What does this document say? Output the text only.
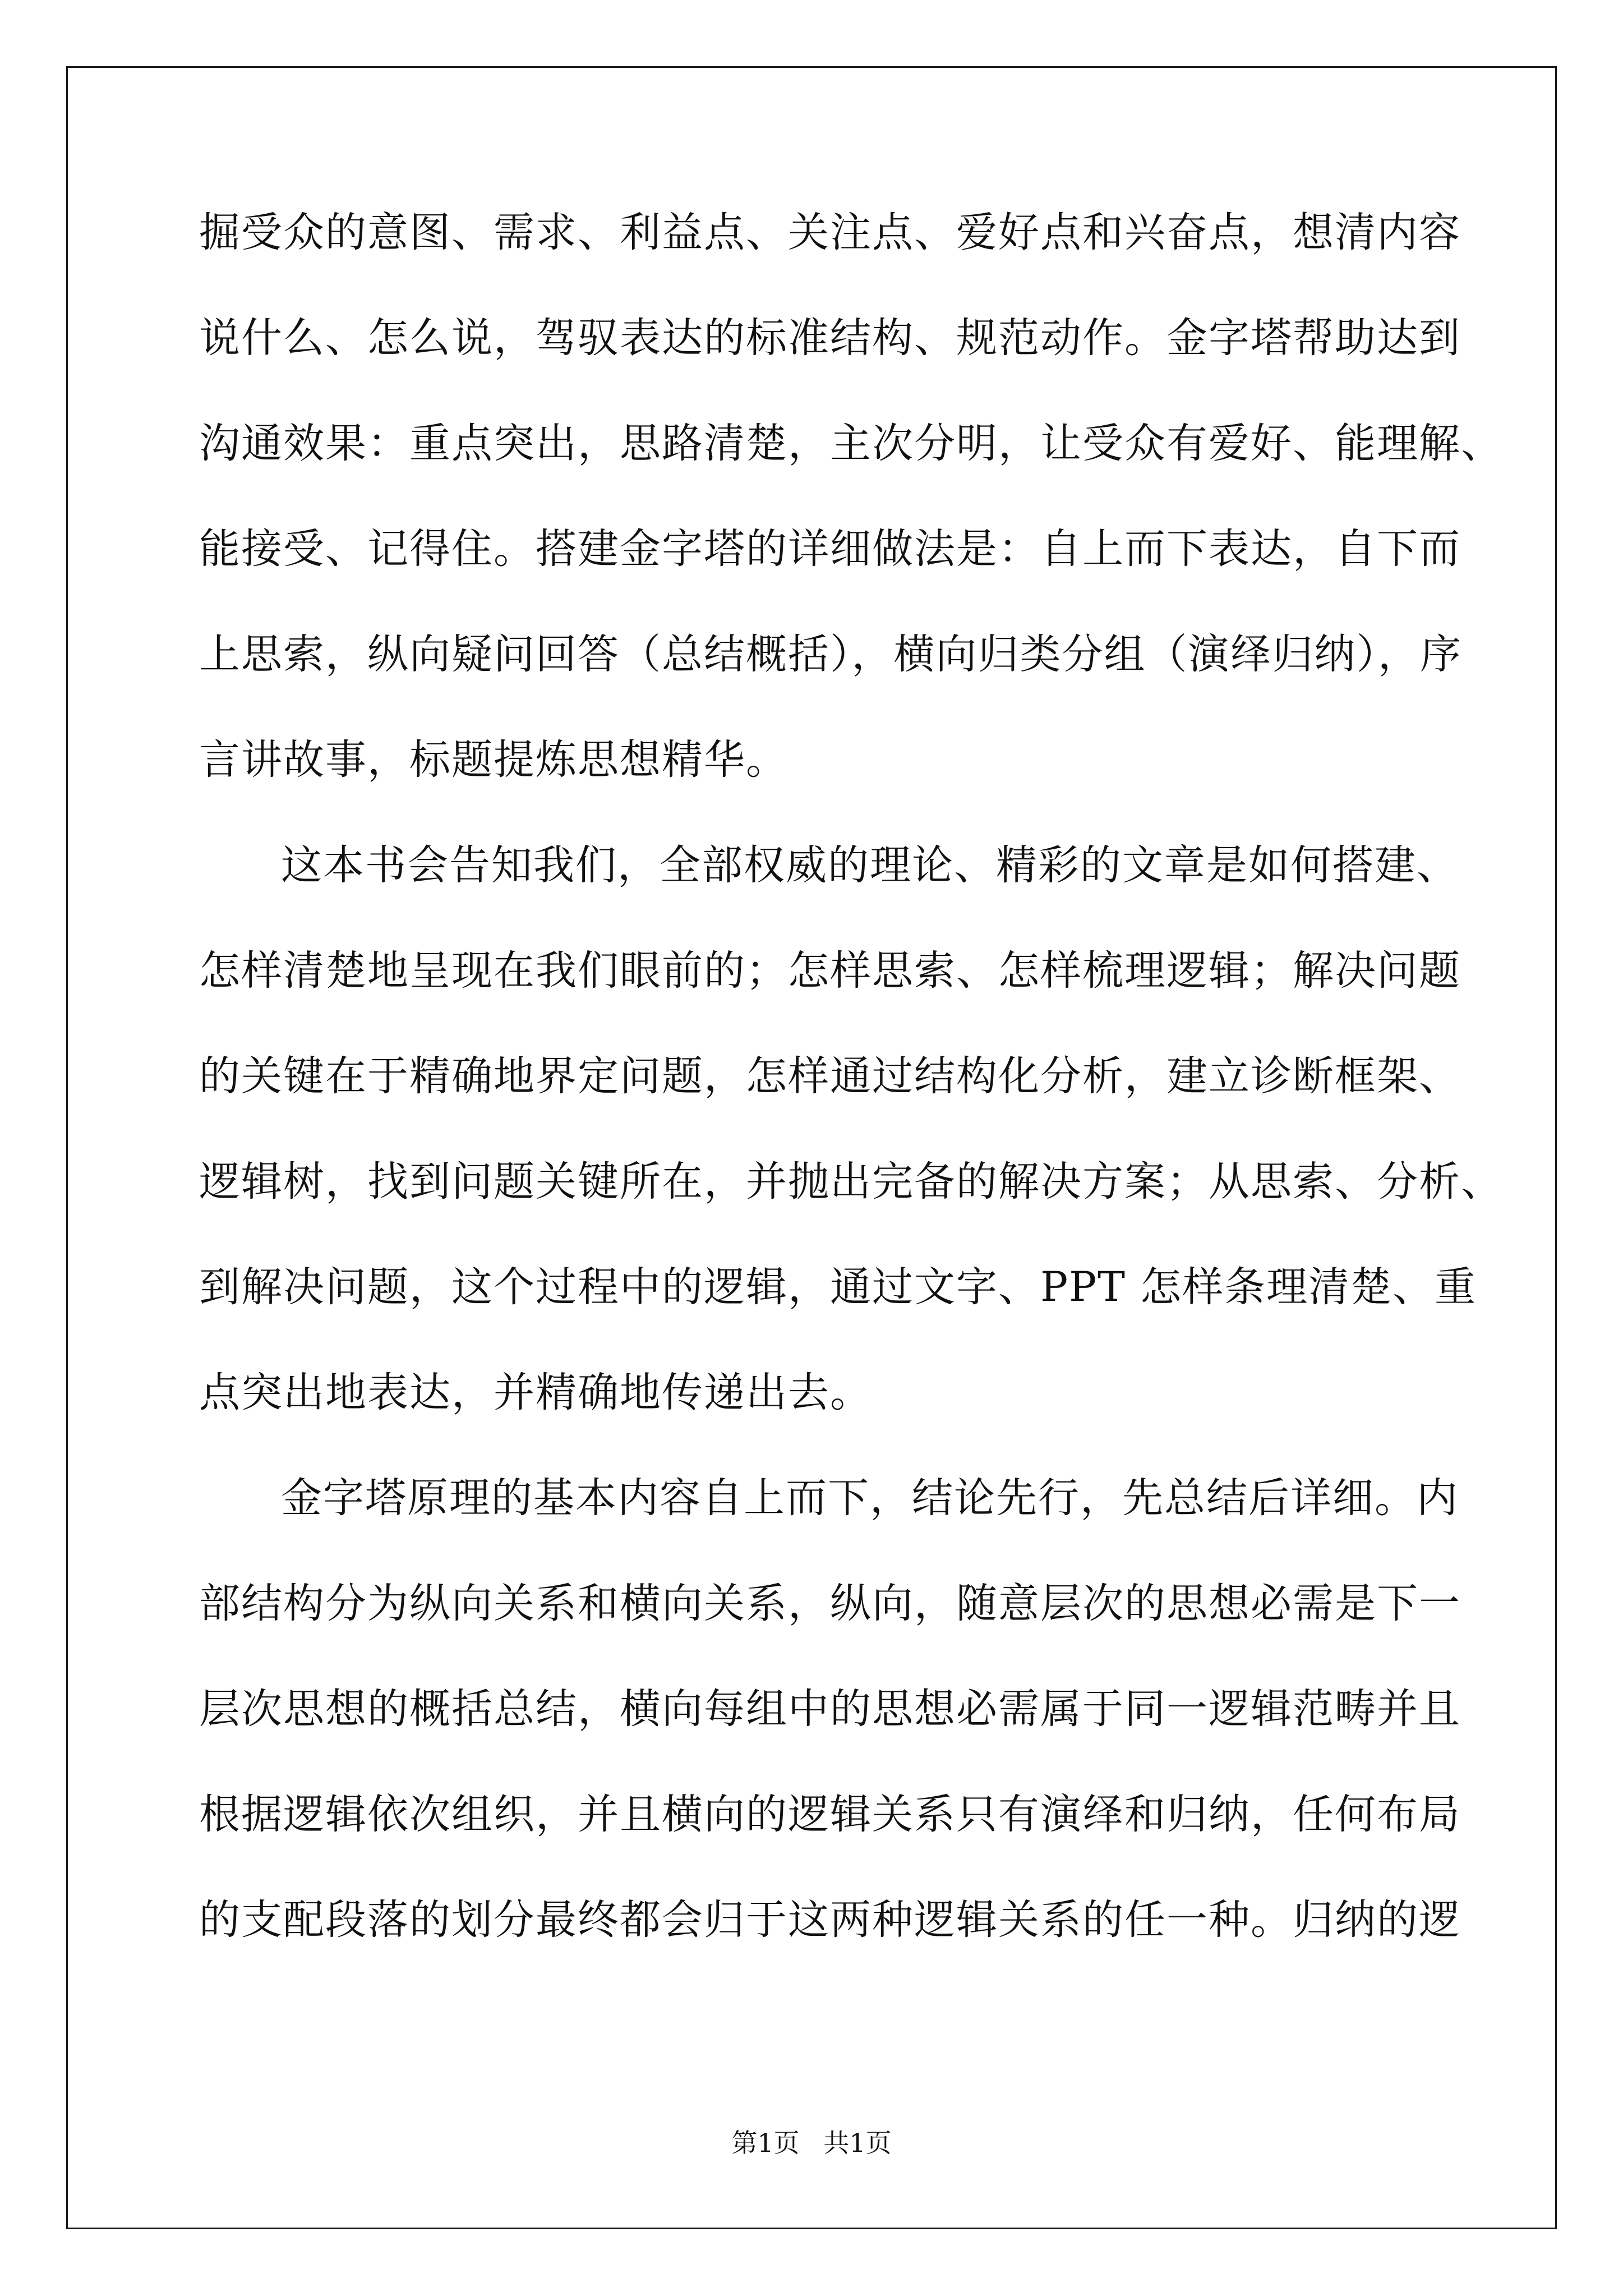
掘受众的意图、需求、利益点、关注点、爱好点和兴奋点，想清内容
说什么、怎么说，驾驭表达的标准结构、规范动作。金字塔帮助达到
沟通效果：重点突出，思路清楚，主次分明，让受众有爱好、能理解、
能接受、记得住。搭建金字塔的详细做法是：自上而下表达，自下而
上思索，纵向疑问回答（总结概括），横向归类分组（演绎归纳），序
言讲故事，标题提炼思想精华。
这本书会告知我们，全部权威的理论、精彩的文章是如何搭建、
怎样清楚地呈现在我们眼前的；怎样思索、怎样梳理逻辑；解决问题
的关键在于精确地界定问题，怎样通过结构化分析，建立诊断框架、
逻辑树，找到问题关键所在，并抛出完备的解决方案；从思索、分析、
到解决问题，这个过程中的逻辑，通过文字、PPT 怎样条理清楚、重
点突出地表达，并精确地传递出去。
金字塔原理的基本内容自上而下，结论先行，先总结后详细。内
部结构分为纵向关系和横向关系，纵向，随意层次的思想必需是下一
层次思想的概括总结，横向每组中的思想必需属于同一逻辑范畴并且
根据逻辑依次组织，并且横向的逻辑关系只有演绎和归纳，任何布局
的支配段落的划分最终都会归于这两种逻辑关系的任一种。归纳的逻
第1页 共1页
